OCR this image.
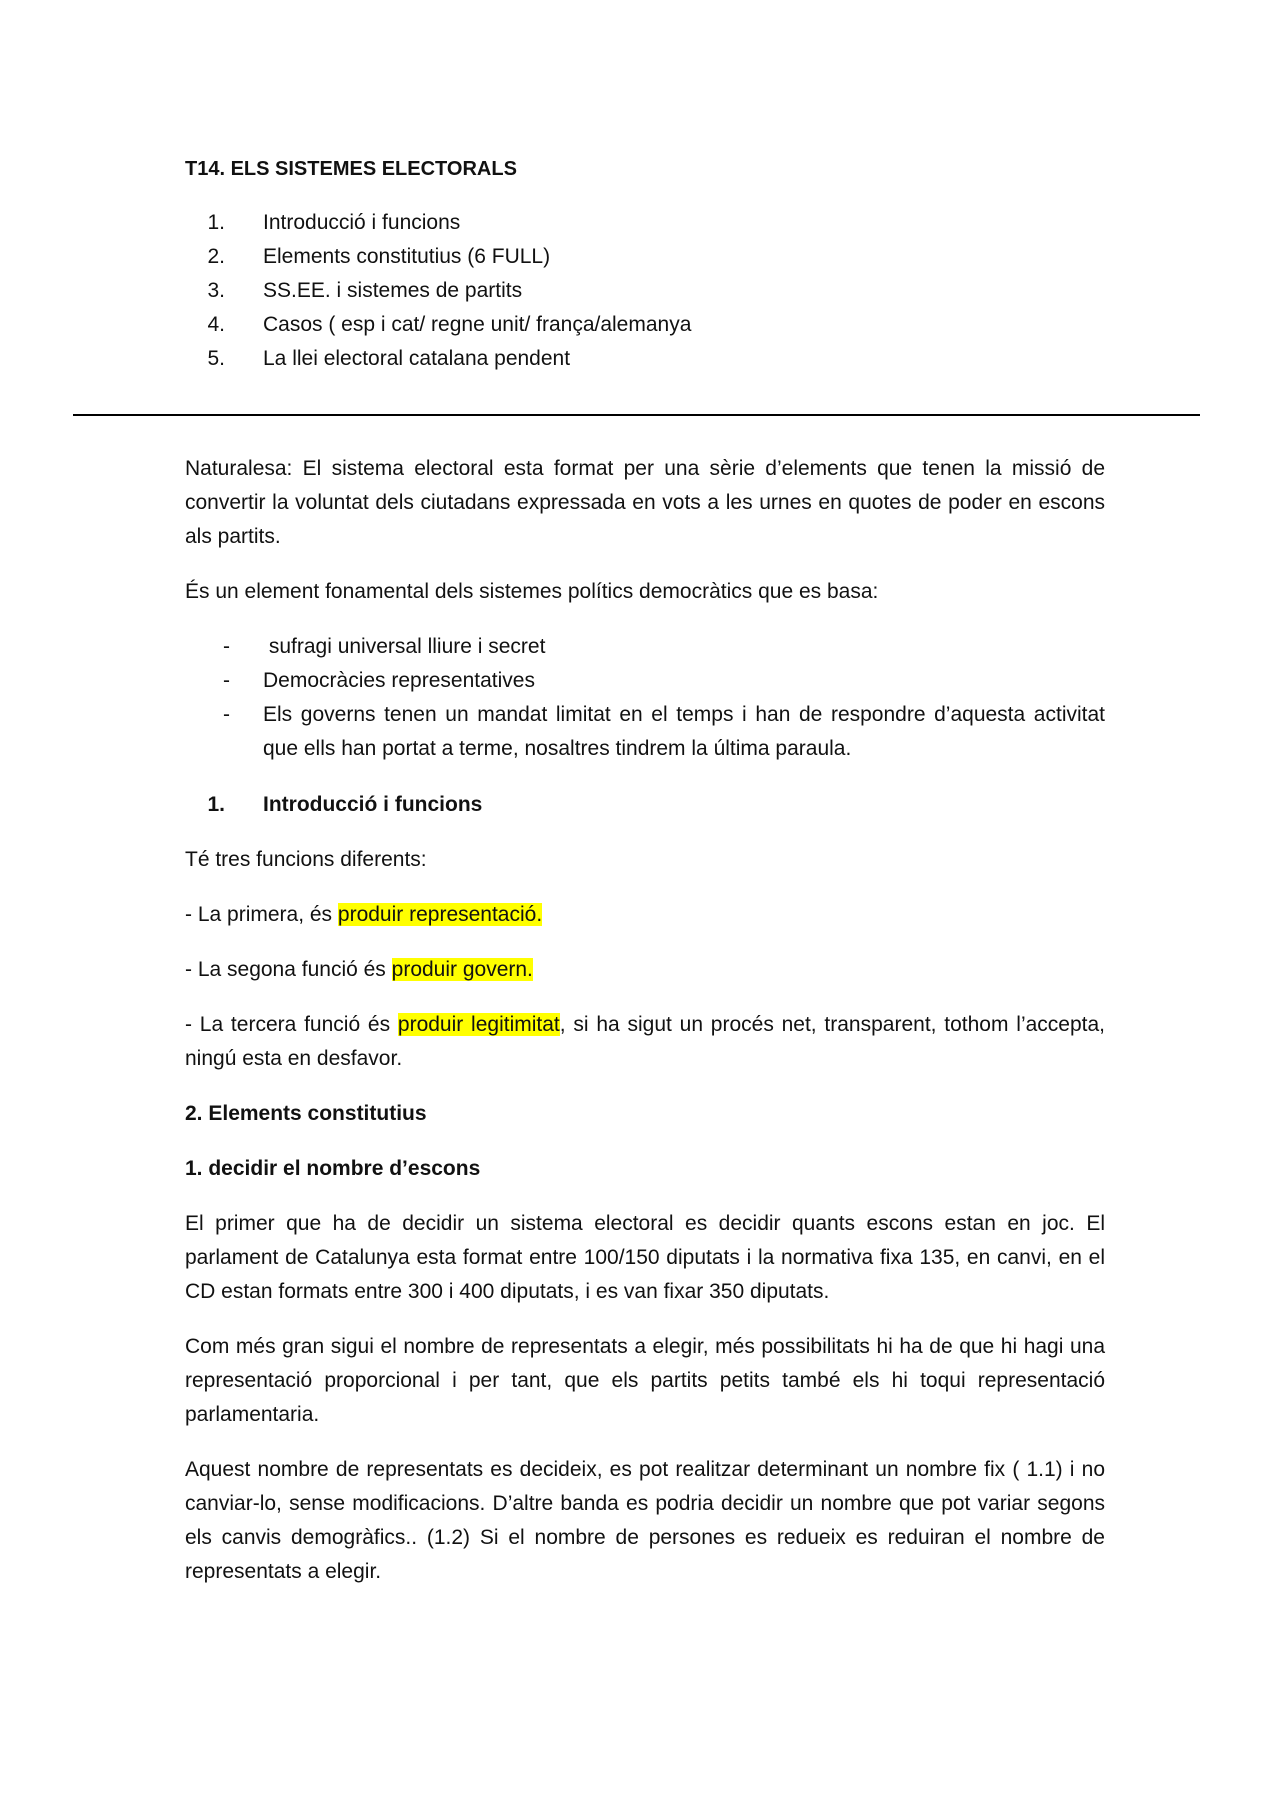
T14. ELS SISTEMES ELECTORALS
1.	Introducció i funcions
2.	Elements constitutius (6 FULL)
3.	SS.EE. i sistemes de partits
4.	Casos ( esp i cat/ regne unit/ frança/alemanya
5.	La llei electoral catalana pendent

Naturalesa: El sistema electoral esta format per una sèrie d’elements que tenen la missió de convertir la voluntat dels ciutadans expressada en vots a les urnes en quotes de poder en escons als partits.

És un element fonamental dels sistemes polítics democràtics que es basa:

-	sufragi universal lliure i secret
-	Democràcies representatives
-	Els governs tenen un mandat limitat en el temps i han de respondre d’aquesta activitat que ells han portat a terme, nosaltres tindrem la última paraula.
1.	Introducció i funcions

Té tres funcions diferents:

- La primera, és produir representació.

- La segona funció és produir govern.

- La tercera funció és produir legitimitat, si ha sigut un procés net, transparent, tothom l’accepta, ningú esta en desfavor.

2. Elements constitutius

1. decidir el nombre d’escons

El primer que ha de decidir un sistema electoral es decidir quants escons estan en joc. El parlament de Catalunya esta format entre 100/150 diputats i la normativa fixa 135, en canvi, en el CD estan formats entre 300 i 400 diputats, i es van fixar 350 diputats.

Com més gran sigui el nombre de representats a elegir, més possibilitats hi ha de que hi hagi una representació proporcional i per tant, que els partits petits també els hi toqui representació parlamentaria.

Aquest nombre de representats es decideix, es pot realitzar determinant un nombre fix ( 1.1) i no canviar-lo, sense modificacions. D’altre banda es podria decidir un nombre que pot variar segons els canvis demogràfics.. (1.2) Si el nombre de persones es redueix es reduiran el nombre de representats a elegir.
